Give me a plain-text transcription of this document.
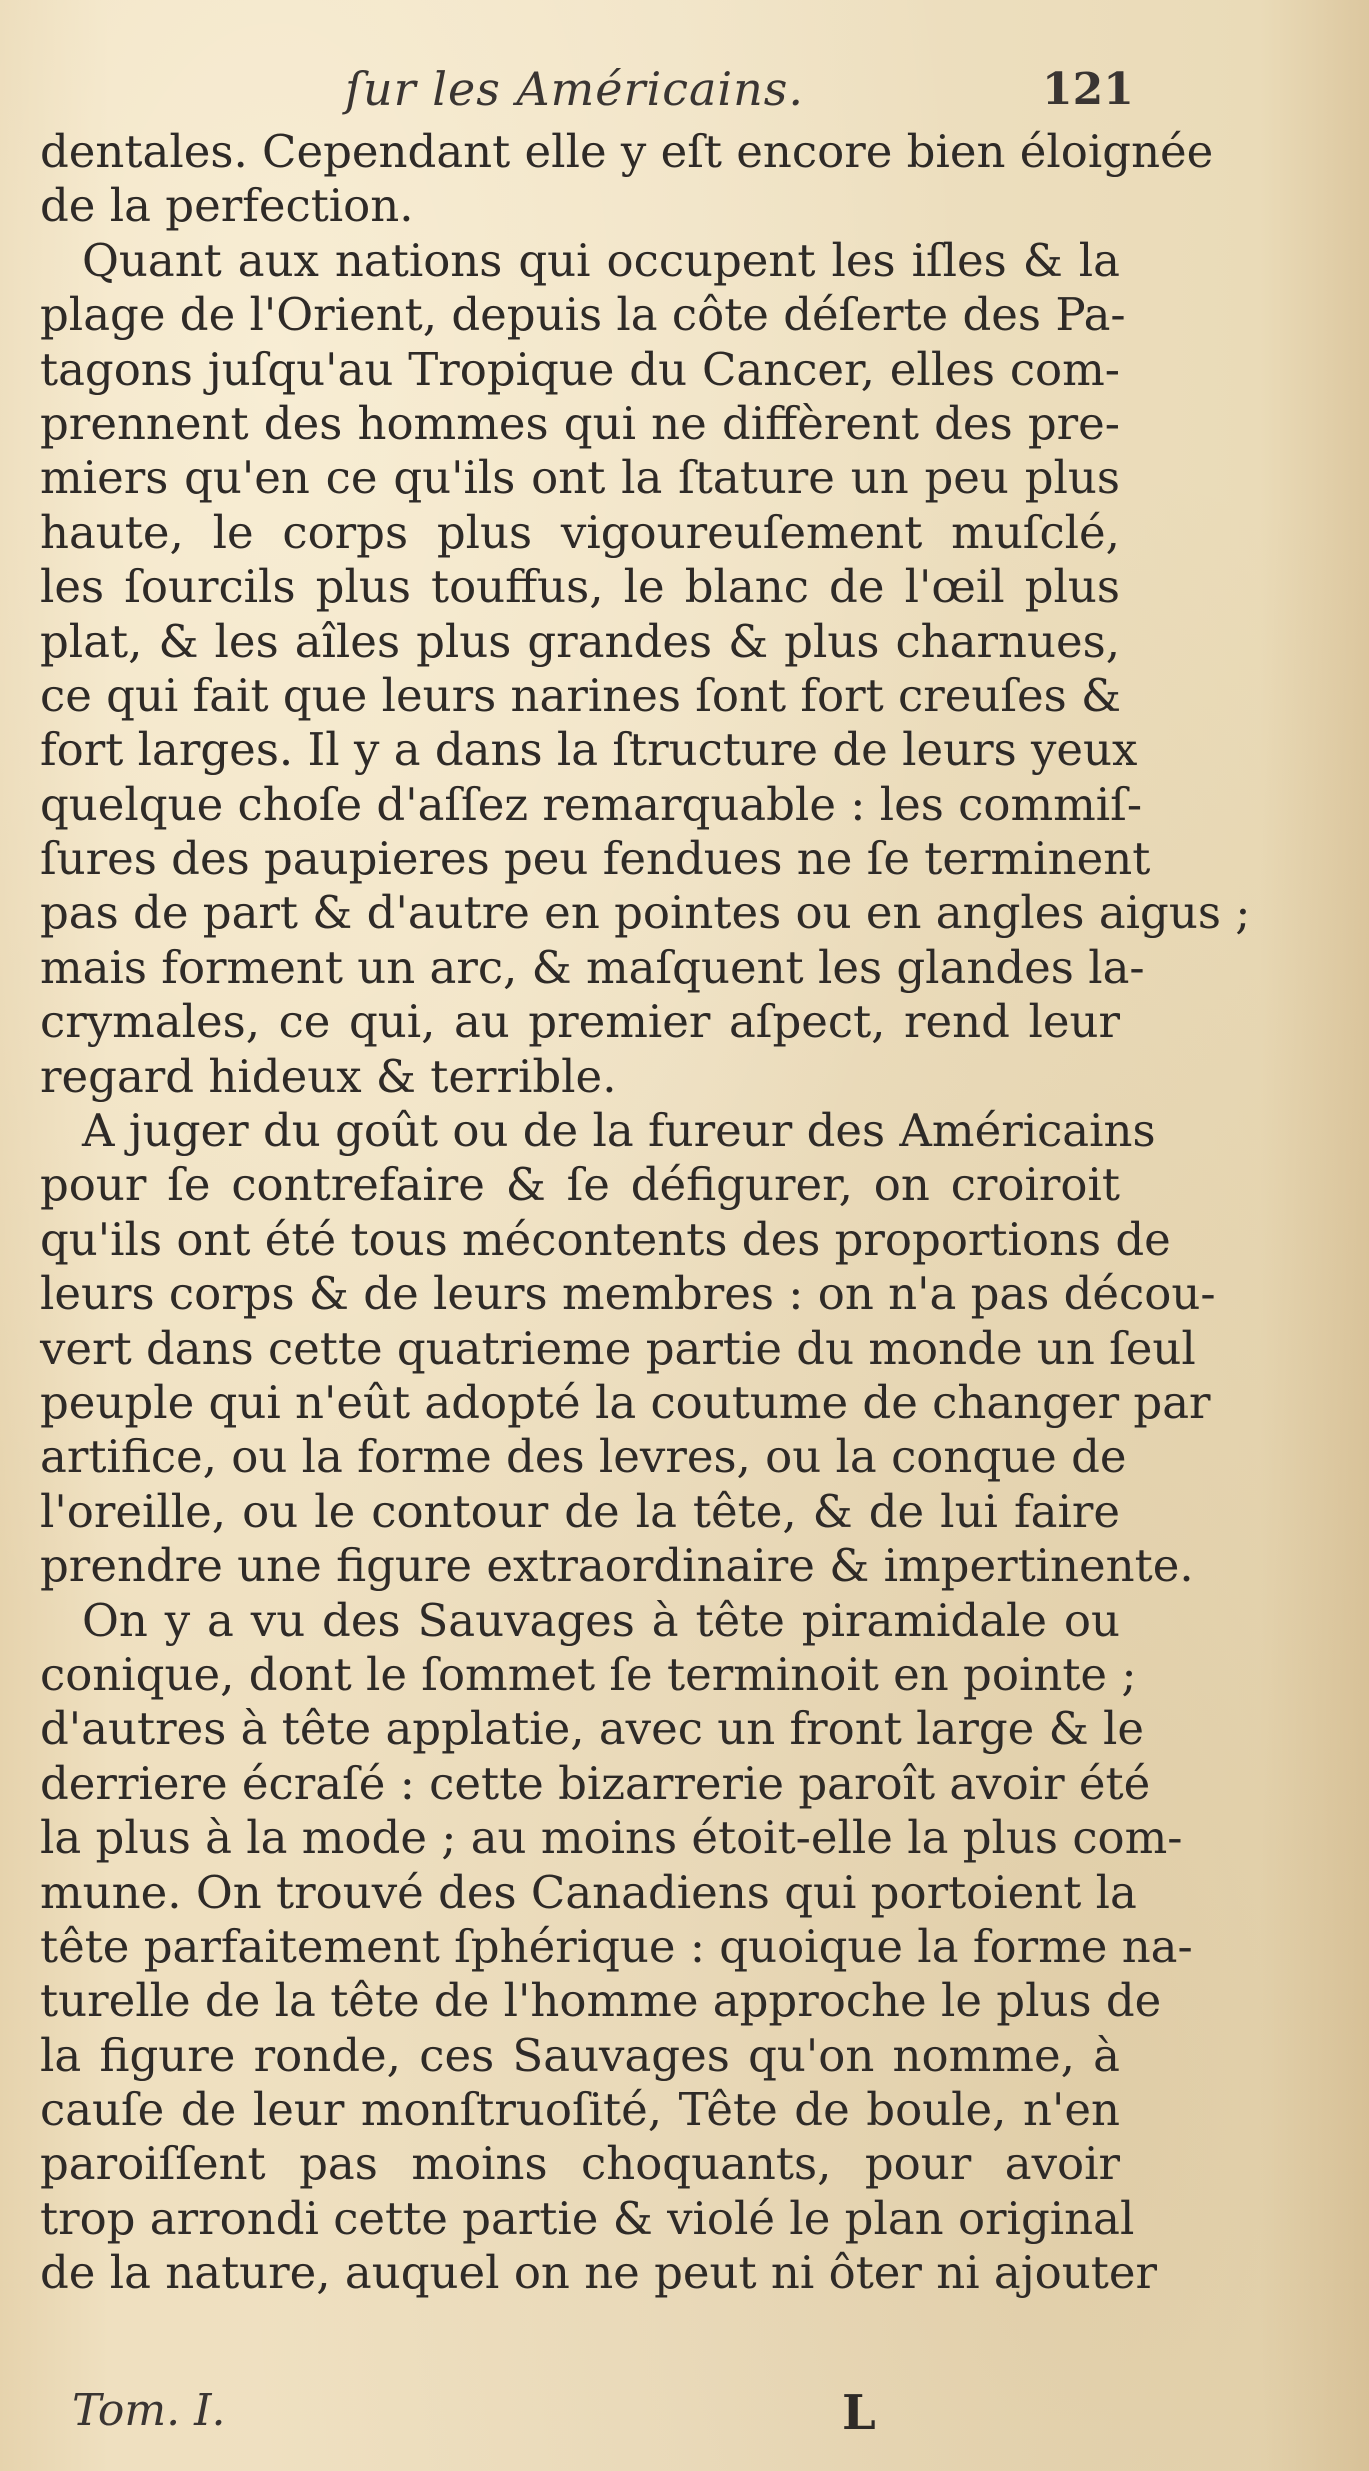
ſur les Américains.	121
dentales. Cependant elle y eſt encore bien éloignée
de la perfection.
Quant aux nations qui occupent les iſles & la
plage de l'Orient, depuis la côte déſerte des Pa-
tagons juſqu'au Tropique du Cancer, elles com-
prennent des hommes qui ne diffèrent des pre-
miers qu'en ce qu'ils ont la ſtature un peu plus
haute, le corps plus vigoureuſement muſclé,
les ſourcils plus touffus, le blanc de l'œil plus
plat, & les aîles plus grandes & plus charnues,
ce qui fait que leurs narines ſont fort creuſes &
fort larges. Il y a dans la ſtructure de leurs yeux
quelque choſe d'aſſez remarquable : les commiſ-
ſures des paupieres peu fendues ne ſe terminent
pas de part & d'autre en pointes ou en angles aigus ;
mais forment un arc, & maſquent les glandes la-
crymales, ce qui, au premier aſpect, rend leur
regard hideux & terrible.
A juger du goût ou de la fureur des Américains
pour ſe contrefaire & ſe défigurer, on croiroit
qu'ils ont été tous mécontents des proportions de
leurs corps & de leurs membres : on n'a pas décou-
vert dans cette quatrieme partie du monde un ſeul
peuple qui n'eût adopté la coutume de changer par
artifice, ou la forme des levres, ou la conque de
l'oreille, ou le contour de la tête, & de lui faire
prendre une figure extraordinaire & impertinente.
On y a vu des Sauvages à tête piramidale ou
conique, dont le ſommet ſe terminoit en pointe ;
d'autres à tête applatie, avec un front large & le
derriere écraſé : cette bizarrerie paroît avoir été
la plus à la mode ; au moins étoit-elle la plus com-
mune. On trouvé des Canadiens qui portoient la
tête parfaitement ſphérique : quoique la forme na-
turelle de la tête de l'homme approche le plus de
la figure ronde, ces Sauvages qu'on nomme, à
cauſe de leur monſtruoſité, Tête de boule, n'en
paroiſſent pas moins choquants, pour avoir
trop arrondi cette partie & violé le plan original
de la nature, auquel on ne peut ni ôter ni ajouter
Tom. I.	L
